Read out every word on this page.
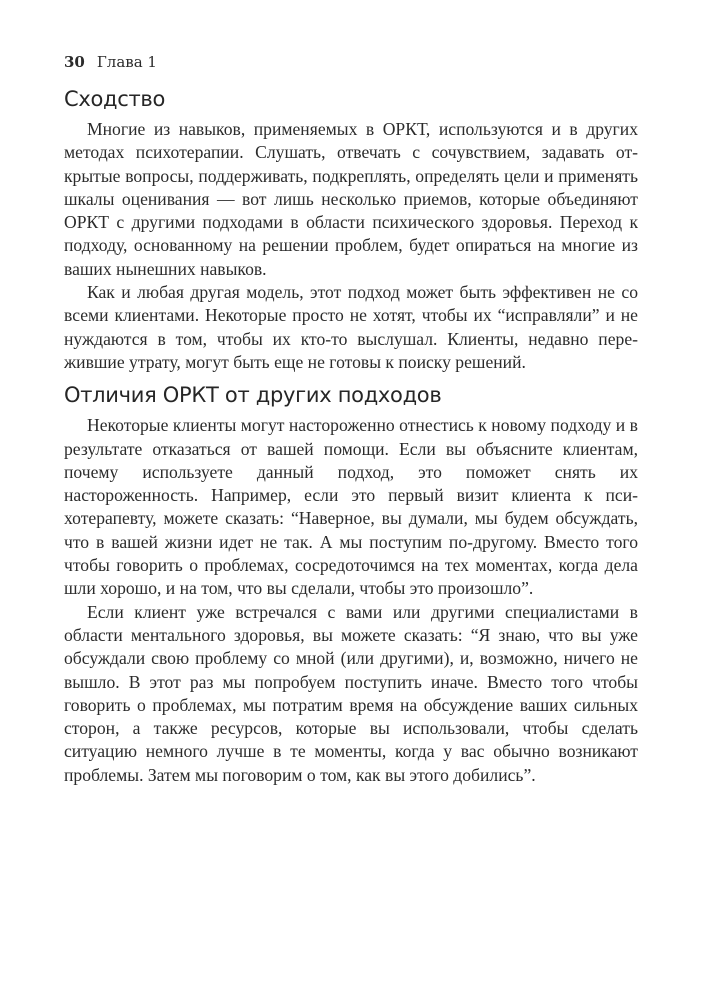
30 Глава 1
Сходство

Многие из навыков, применяемых в ОРКТ, используются и в других методах психотерапии. Слушать, отвечать с сочувствием, задавать открытые вопросы, поддерживать, подкреплять, определять цели и применять шкалы оценивания — вот лишь несколько приемов, которые объединяют ОРКТ с другими подходами в области психического здоровья. Переход к подходу, основанному на решении проблем, будет опираться на многие из ваших нынешних навыков.

Как и любая другая модель, этот подход может быть эффективен не со всеми клиентами. Некоторые просто не хотят, чтобы их “исправляли” и не нуждаются в том, чтобы их кто-то выслушал. Клиенты, недавно пережившие утрату, могут быть еще не готовы к поиску решений.

Отличия ОРКТ от других подходов

Некоторые клиенты могут настороженно отнестись к новому подходу и в результате отказаться от вашей помощи. Если вы объясните клиентам, почему используете данный подход, это поможет снять их настороженность. Например, если это первый визит клиента к психотерапевту, можете сказать: “Наверное, вы думали, мы будем обсуждать, что в вашей жизни идет не так. А мы поступим по-другому. Вместо того чтобы говорить о проблемах, сосредоточимся на тех моментах, когда дела шли хорошо, и на том, что вы сделали, чтобы это произошло”.

Если клиент уже встречался с вами или другими специалистами в области ментального здоровья, вы можете сказать: “Я знаю, что вы уже обсуждали свою проблему со мной (или другими), и, возможно, ничего не вышло. В этот раз мы попробуем поступить иначе. Вместо того чтобы говорить о проблемах, мы потратим время на обсуждение ваших сильных сторон, а также ресурсов, которые вы использовали, чтобы сделать ситуацию немного лучше в те моменты, когда у вас обычно возникают проблемы. Затем мы поговорим о том, как вы этого добились”.
